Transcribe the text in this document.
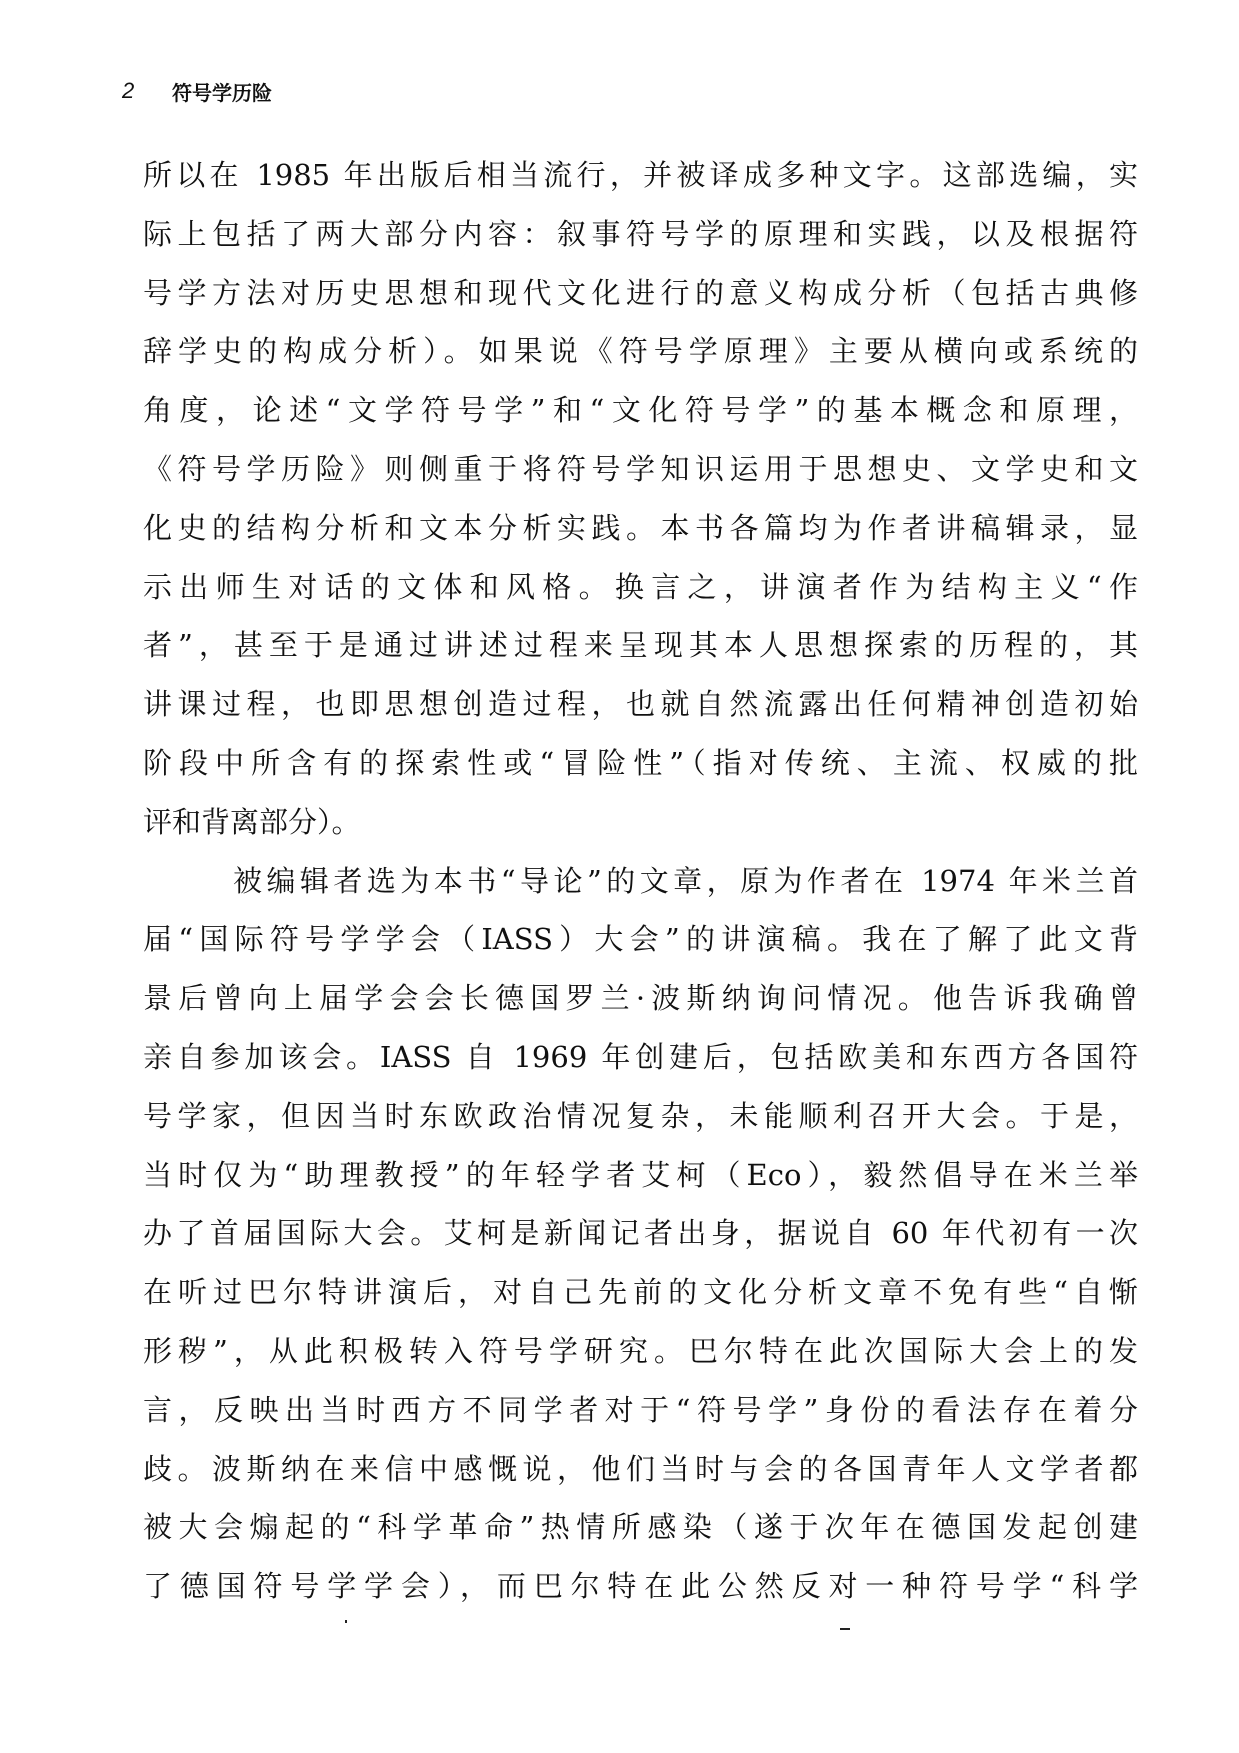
2	符号学历险
所以在 1985 年出版后相当流行，并被译成多种文字。这部选编，实
际上包括了两大部分内容：叙事符号学的原理和实践，以及根据符
号学方法对历史思想和现代文化进行的意义构成分析（包括古典修
辞学史的构成分析）。如果说《符号学原理》主要从横向或系统的
角度，论述“文学符号学”和“文化符号学”的基本概念和原理，
《符号学历险》则侧重于将符号学知识运用于思想史、文学史和文
化史的结构分析和文本分析实践。本书各篇均为作者讲稿辑录，显
示出师生对话的文体和风格。换言之，讲演者作为结构主义“作
者”，甚至于是通过讲述过程来呈现其本人思想探索的历程的，其
讲课过程，也即思想创造过程，也就自然流露出任何精神创造初始
阶段中所含有的探索性或“冒险性”（指对传统、主流、权威的批
评和背离部分）。
被编辑者选为本书“导论”的文章，原为作者在 1974 年米兰首
届“国际符号学学会（IASS）大会”的讲演稿。我在了解了此文背
景后曾向上届学会会长德国罗兰·波斯纳询问情况。他告诉我确曾
亲自参加该会。IASS 自 1969 年创建后，包括欧美和东西方各国符
号学家，但因当时东欧政治情况复杂，未能顺利召开大会。于是，
当时仅为“助理教授”的年轻学者艾柯（Eco），毅然倡导在米兰举
办了首届国际大会。艾柯是新闻记者出身，据说自 60 年代初有一次
在听过巴尔特讲演后，对自己先前的文化分析文章不免有些“自惭
形秽”，从此积极转入符号学研究。巴尔特在此次国际大会上的发
言，反映出当时西方不同学者对于“符号学”身份的看法存在着分
歧。波斯纳在来信中感慨说，他们当时与会的各国青年人文学者都
被大会煽起的“科学革命”热情所感染（遂于次年在德国发起创建
了德国符号学学会），而巴尔特在此公然反对一种符号学“科学
